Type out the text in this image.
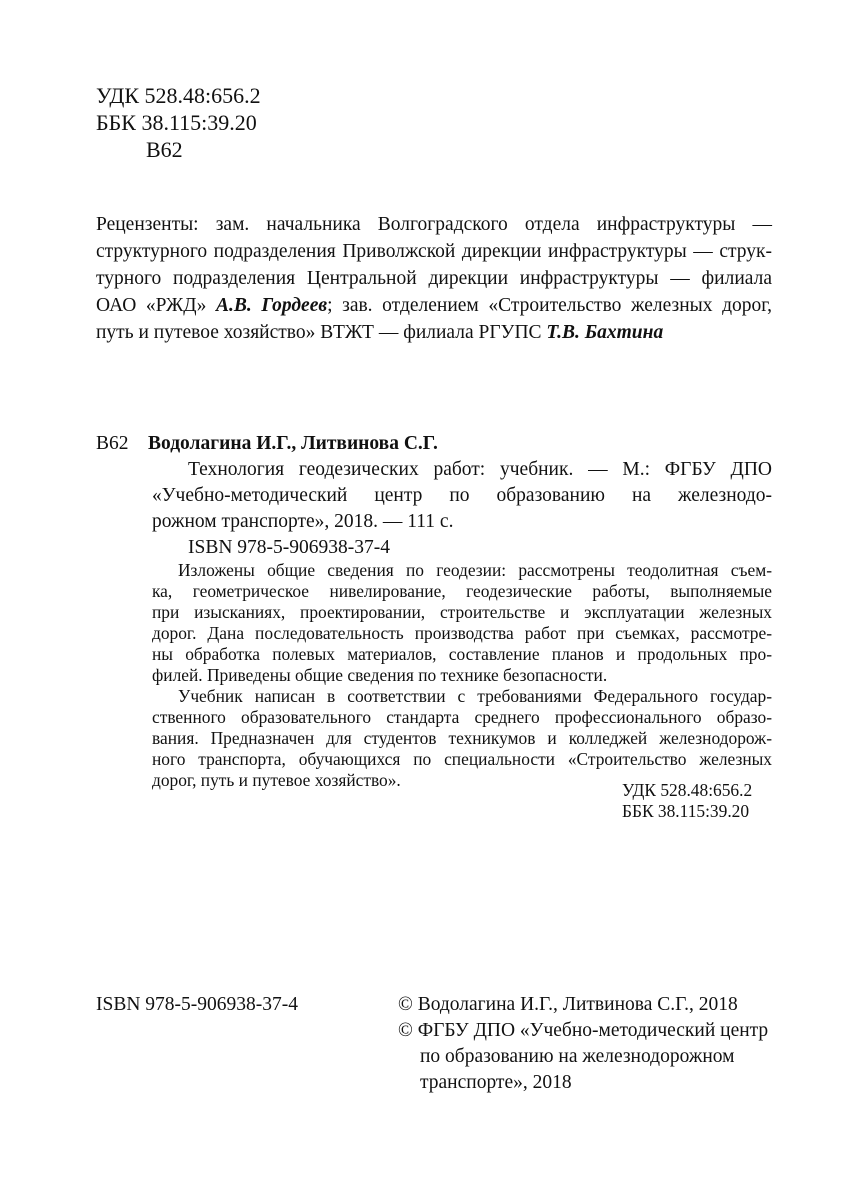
УДК 528.48:656.2
ББК 38.115:39.20
В62
Рецензенты: зам. начальника Волгоградского отдела инфраструктуры —
структурного подразделения Приволжской дирекции инфраструктуры — струк-
турного подразделения Центральной дирекции инфраструктуры — филиала
ОАО «РЖД» А.В. Гордеев; зав. отделением «Строительство железных дорог,
путь и путевое хозяйство» ВТЖТ — филиала РГУПС Т.В. Бахтина
В62 Водолагина И.Г., Литвинова С.Г.
Технология геодезических работ: учебник. — М.: ФГБУ ДПО
«Учебно-методический центр по образованию на железнодо-
рожном транспорте», 2018. — 111 с.
ISBN 978-5-906938-37-4
Изложены общие сведения по геодезии: рассмотрены теодолитная съем-
ка, геометрическое нивелирование, геодезические работы, выполняемые
при изысканиях, проектировании, строительстве и эксплуатации железных
дорог. Дана последовательность производства работ при съемках, рассмотре-
ны обработка полевых материалов, составление планов и продольных про-
филей. Приведены общие сведения по технике безопасности.
Учебник написан в соответствии с требованиями Федерального государ-
ственного образовательного стандарта среднего профессионального образо-
вания. Предназначен для студентов техникумов и колледжей железнодорож-
ного транспорта, обучающихся по специальности «Строительство железных
дорог, путь и путевое хозяйство».	УДК 528.48:656.2
ББК 38.115:39.20
ISBN 978-5-906938-37-4	© Водолагина И.Г., Литвинова С.Г., 2018
© ФГБУ ДПО «Учебно-методический центр
по образованию на железнодорожном
транспорте», 2018
